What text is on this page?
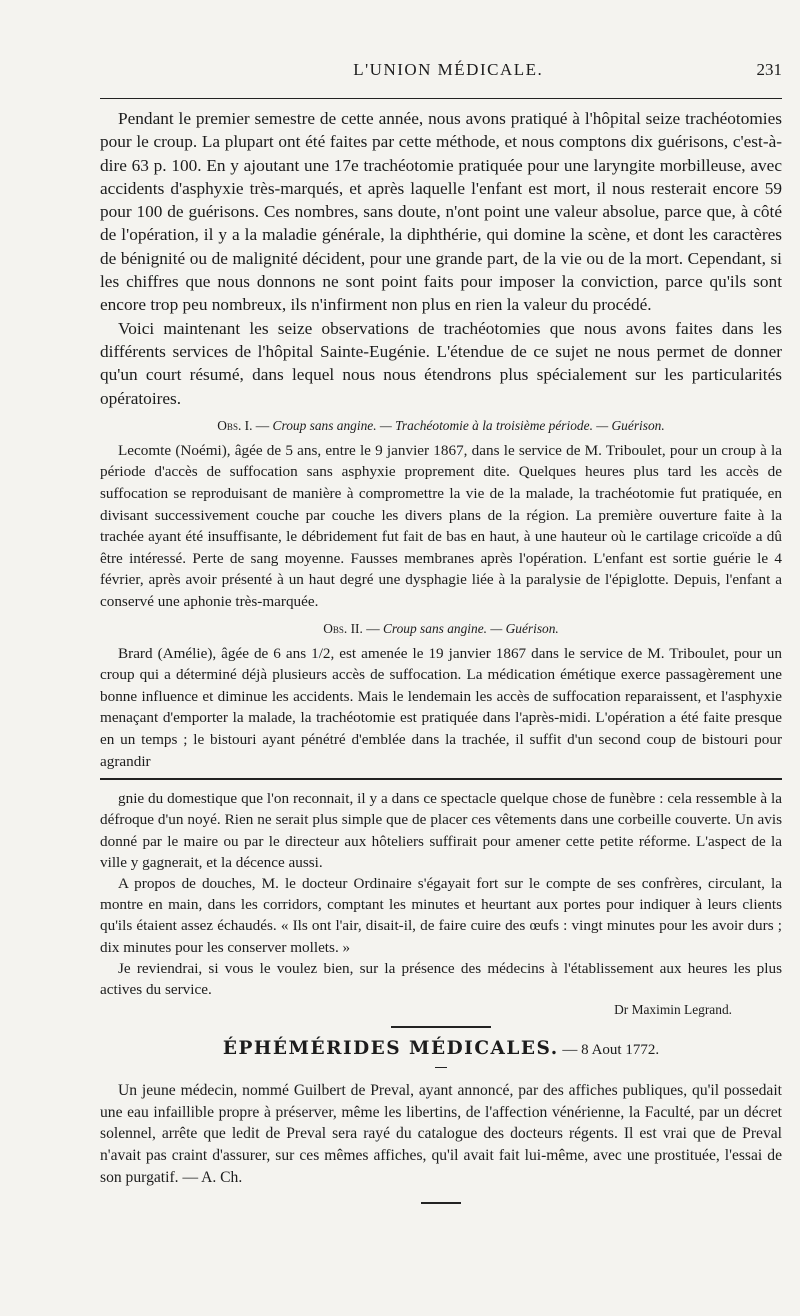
L'UNION MÉDICALE.	231

Pendant le premier semestre de cette année, nous avons pratiqué à l'hôpital seize trachéotomies pour le croup. La plupart ont été faites par cette méthode, et nous comptons dix guérisons, c'est-à-dire 63 p. 100. En y ajoutant une 17e trachéotomie pratiquée pour une laryngite morbilleuse, avec accidents d'asphyxie très-marqués, et après laquelle l'enfant est mort, il nous resterait encore 59 pour 100 de guérisons. Ces nombres, sans doute, n'ont point une valeur absolue, parce que, à côté de l'opération, il y a la maladie générale, la diphthérie, qui domine la scène, et dont les caractères de bénignité ou de malignité décident, pour une grande part, de la vie ou de la mort. Cependant, si les chiffres que nous donnons ne sont point faits pour imposer la conviction, parce qu'ils sont encore trop peu nombreux, ils n'infirment non plus en rien la valeur du procédé.

Voici maintenant les seize observations de trachéotomies que nous avons faites dans les différents services de l'hôpital Sainte-Eugénie. L'étendue de ce sujet ne nous permet de donner qu'un court résumé, dans lequel nous nous étendrons plus spécialement sur les particularités opératoires.

Obs. I. — Croup sans angine. — Trachéotomie à la troisième période. — Guérison.

Lecomte (Noémi), âgée de 5 ans, entre le 9 janvier 1867, dans le service de M. Triboulet, pour un croup à la période d'accès de suffocation sans asphyxie proprement dite. Quelques heures plus tard les accès de suffocation se reproduisant de manière à compromettre la vie de la malade, la trachéotomie fut pratiquée, en divisant successivement couche par couche les divers plans de la région. La première ouverture faite à la trachée ayant été insuffisante, le débridement fut fait de bas en haut, à une hauteur où le cartilage cricoïde a dû être intéressé. Perte de sang moyenne. Fausses membranes après l'opération. L'enfant est sortie guérie le 4 février, après avoir présenté à un haut degré une dysphagie liée à la paralysie de l'épiglotte. Depuis, l'enfant a conservé une aphonie très-marquée.

Obs. II. — Croup sans angine. — Guérison.

Brard (Amélie), âgée de 6 ans 1/2, est amenée le 19 janvier 1867 dans le service de M. Triboulet, pour un croup qui a déterminé déjà plusieurs accès de suffocation. La médication émétique exerce passagèrement une bonne influence et diminue les accidents. Mais le lendemain les accès de suffocation reparaissent, et l'asphyxie menaçant d'emporter la malade, la trachéotomie est pratiquée dans l'après-midi. L'opération a été faite presque en un temps ; le bistouri ayant pénétré d'emblée dans la trachée, il suffit d'un second coup de bistouri pour agrandir

gnie du domestique que l'on reconnait, il y a dans ce spectacle quelque chose de funèbre : cela ressemble à la défroque d'un noyé. Rien ne serait plus simple que de placer ces vêtements dans une corbeille couverte. Un avis donné par le maire ou par le directeur aux hôteliers suffirait pour amener cette petite réforme. L'aspect de la ville y gagnerait, et la décence aussi.

A propos de douches, M. le docteur Ordinaire s'égayait fort sur le compte de ses confrères, circulant, la montre en main, dans les corridors, comptant les minutes et heurtant aux portes pour indiquer à leurs clients qu'ils étaient assez échaudés. « Ils ont l'air, disait-il, de faire cuire des œufs : vingt minutes pour les avoir durs ; dix minutes pour les conserver mollets. »

Je reviendrai, si vous le voulez bien, sur la présence des médecins à l'établissement aux heures les plus actives du service.

Dr Maximin Legrand.
ÉPHÉMÉRIDES MÉDICALES. — 8 Aout 1772.

Un jeune médecin, nommé Guilbert de Preval, ayant annoncé, par des affiches publiques, qu'il possedait une eau infaillible propre à préserver, même les libertins, de l'affection vénérienne, la Faculté, par un décret solennel, arrête que ledit de Preval sera rayé du catalogue des docteurs régents. Il est vrai que de Preval n'avait pas craint d'assurer, sur ces mêmes affiches, qu'il avait fait lui-même, avec une prostituée, l'essai de son purgatif. — A. Ch.
